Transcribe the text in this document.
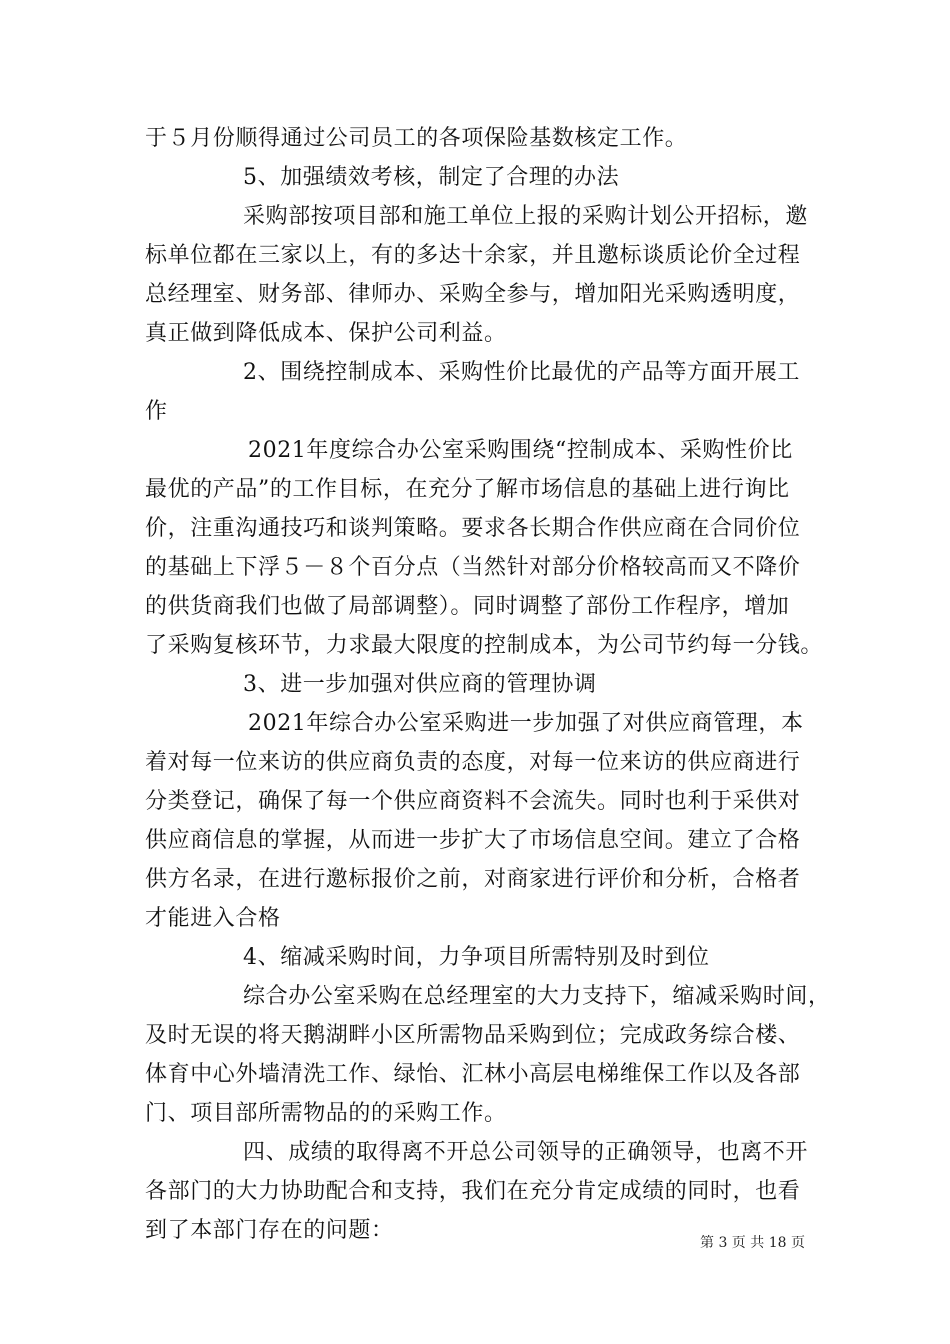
于５月份顺得通过公司员工的各项保险基数核定工作。
5、加强绩效考核，制定了合理的办法
采购部按项目部和施工单位上报的采购计划公开招标，邀
标单位都在三家以上，有的多达十余家，并且邀标谈质论价全过程
总经理室、财务部、律师办、采购全参与，增加阳光采购透明度，
真正做到降低成本、保护公司利益。
2、围绕控制成本、采购性价比最优的产品等方面开展工
作
2021年度综合办公室采购围绕“控制成本、采购性价比
最优的产品”的工作目标，在充分了解市场信息的基础上进行询比
价，注重沟通技巧和谈判策略。要求各长期合作供应商在合同价位
的基础上下浮５－８个百分点（当然针对部分价格较高而又不降价
的供货商我们也做了局部调整）。同时调整了部份工作程序，增加
了采购复核环节，力求最大限度的控制成本，为公司节约每一分钱。
3、进一步加强对供应商的管理协调
2021年综合办公室采购进一步加强了对供应商管理，本
着对每一位来访的供应商负责的态度，对每一位来访的供应商进行
分类登记，确保了每一个供应商资料不会流失。同时也利于采供对
供应商信息的掌握，从而进一步扩大了市场信息空间。建立了合格
供方名录，在进行邀标报价之前，对商家进行评价和分析，合格者
才能进入合格
4、缩减采购时间，力争项目所需特别及时到位
综合办公室采购在总经理室的大力支持下，缩减采购时间，
及时无误的将天鹅湖畔小区所需物品采购到位；完成政务综合楼、
体育中心外墙清洗工作、绿怡、汇林小高层电梯维保工作以及各部
门、项目部所需物品的的采购工作。
四、成绩的取得离不开总公司领导的正确领导，也离不开
各部门的大力协助配合和支持，我们在充分肯定成绩的同时，也看
到了本部门存在的问题：	第 3 页 共 18 页
